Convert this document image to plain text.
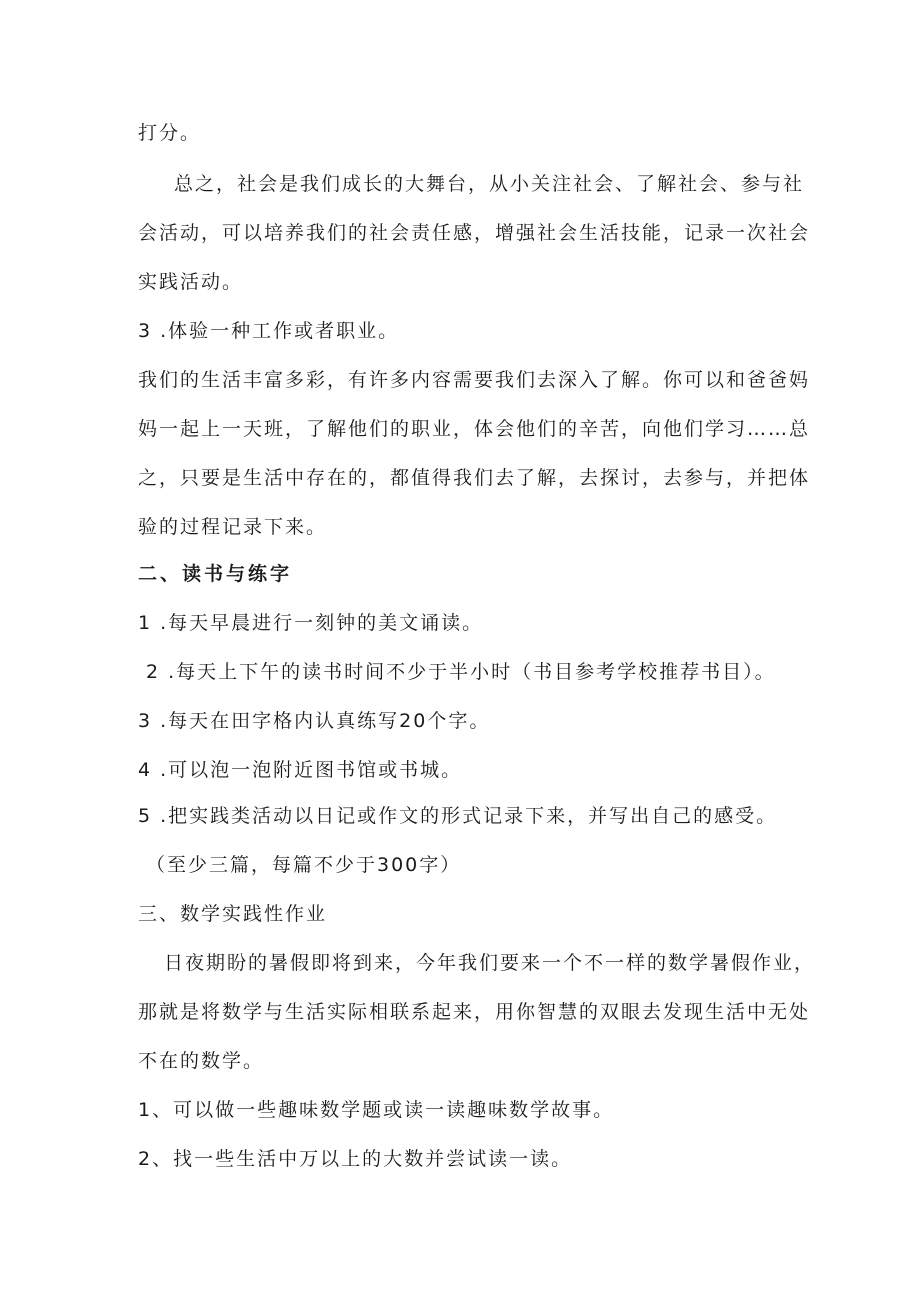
打分。
总之，社会是我们成长的大舞台，从小关注社会、了解社会、参与社
会活动，可以培养我们的社会责任感，增强社会生活技能，记录一次社会
实践活动。
3 .体验一种工作或者职业。
我们的生活丰富多彩，有许多内容需要我们去深入了解。你可以和爸爸妈
妈一起上一天班，了解他们的职业，体会他们的辛苦，向他们学习……总
之，只要是生活中存在的，都值得我们去了解，去探讨，去参与，并把体
验的过程记录下来。
二、读书与练字
1 .每天早晨进行一刻钟的美文诵读。
2 .每天上下午的读书时间不少于半小时（书目参考学校推荐书目）。
3 .每天在田字格内认真练写20个字。
4 .可以泡一泡附近图书馆或书城。
5 .把实践类活动以日记或作文的形式记录下来，并写出自己的感受。
（至少三篇，每篇不少于300字）
三、数学实践性作业
日夜期盼的暑假即将到来，今年我们要来一个不一样的数学暑假作业，
那就是将数学与生活实际相联系起来，用你智慧的双眼去发现生活中无处
不在的数学。
1、可以做一些趣味数学题或读一读趣味数学故事。
2、找一些生活中万以上的大数并尝试读一读。
